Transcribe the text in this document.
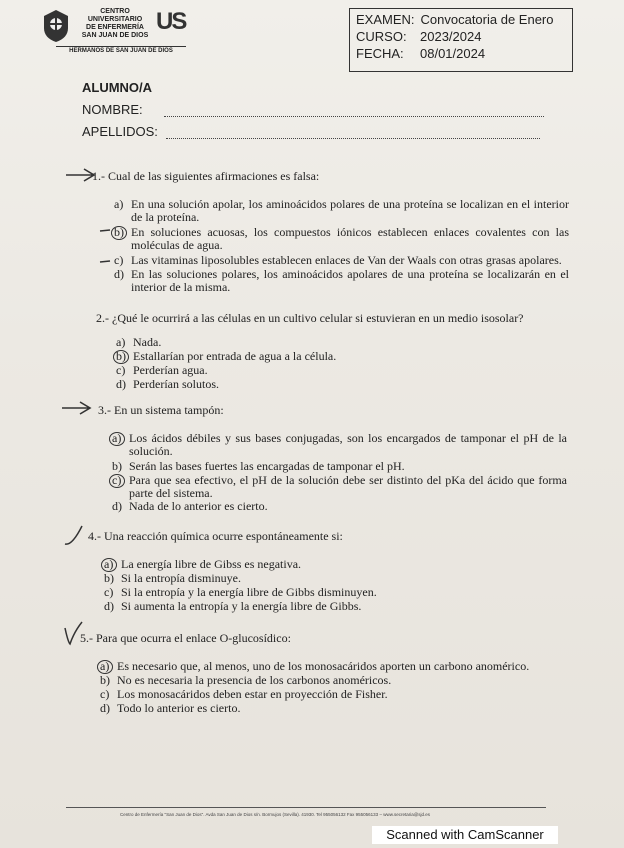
CENTRO
UNIVERSITARIO
DE ENFERMERÍA
SAN JUAN DE DIOS
US
HERMANOS DE SAN JUAN DE DIOS
EXAMEN: Convocatoria de Enero
CURSO: 2023/2024
FECHA: 08/01/2024
ALUMNO/A
NOMBRE:
APELLIDOS:
1.- Cual de las siguientes afirmaciones es falsa:
a) En una solución apolar, los aminoácidos polares de una proteína se localizan en el interior de la proteína.
b) En soluciones acuosas, los compuestos iónicos establecen enlaces covalentes con las moléculas de agua.
c) Las vitaminas liposolubles establecen enlaces de Van der Waals con otras grasas apolares.
d) En las soluciones polares, los aminoácidos apolares de una proteína se localizarán en el interior de la misma.
2.- ¿Qué le ocurrirá a las células en un cultivo celular si estuvieran en un medio isosolar?
a) Nada.
b) Estallarían por entrada de agua a la célula.
c) Perderían agua.
d) Perderían solutos.
3.- En un sistema tampón:
a) Los ácidos débiles y sus bases conjugadas, son los encargados de tamponar el pH de la solución.
b) Serán las bases fuertes las encargadas de tamponar el pH.
c) Para que sea efectivo, el pH de la solución debe ser distinto del pKa del ácido que forma parte del sistema.
d) Nada de lo anterior es cierto.
4.- Una reacción química ocurre espontáneamente si:
a) La energía libre de Gibss es negativa.
b) Si la entropía disminuye.
c) Si la entropía y la energía libre de Gibbs disminuyen.
d) Si aumenta la entropía y la energía libre de Gibbs.
5.- Para que ocurra el enlace O-glucosídico:
a) Es necesario que, al menos, uno de los monosacáridos aporten un carbono anomérico.
b) No es necesaria la presencia de los carbonos anoméricos.
c) Los monosacáridos deben estar en proyección de Fisher.
d) Todo lo anterior es cierto.
Centro de Enfermería "San Juan de Dios". Avda San Juan de Dios s/n. Bormujos (Sevilla). 41930. Tel 955056132 Fax 955056133 – www.secretaria@sjd.es
Scanned with CamScanner
